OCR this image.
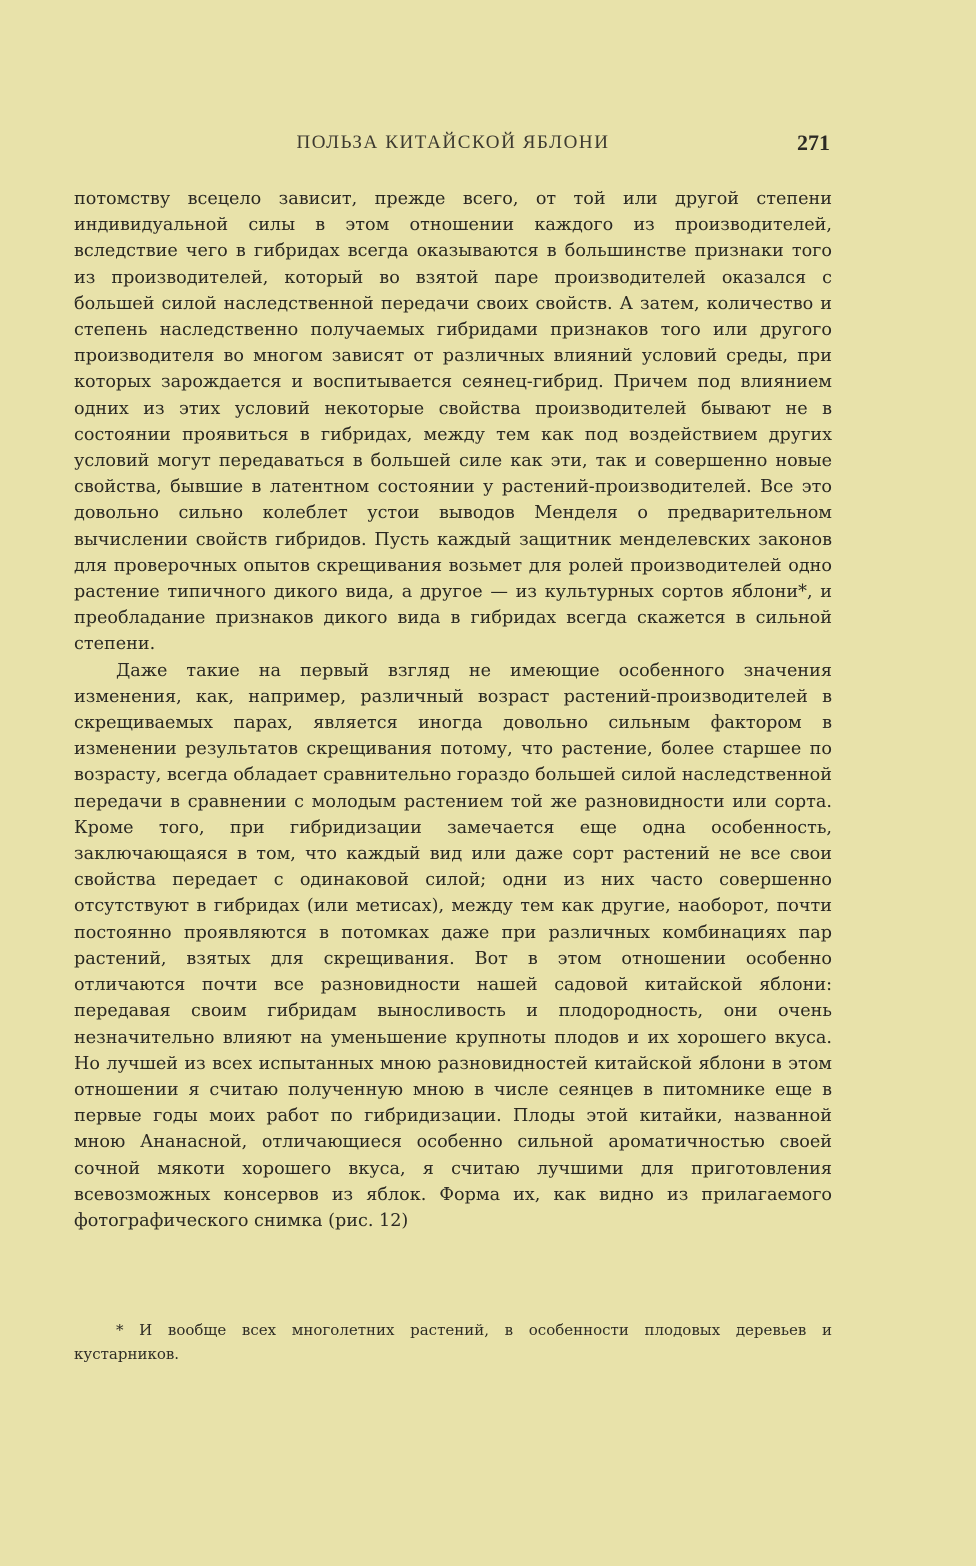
ПОЛЬЗА КИТАЙСКОЙ ЯБЛОНИ	271

потомству всецело зависит, прежде всего, от той или другой степени индивидуальной силы в этом отношении каждого из производителей, вследствие чего в гибридах всегда оказываются в большинстве признаки того из производителей, который во взятой паре производителей оказался с большей силой наследственной передачи своих свойств. А затем, количество и степень наследственно получаемых гибридами признаков того или другого производителя во многом зависят от различных влияний условий среды, при которых зарождается и воспитывается сеянец-гибрид. Причем под влиянием одних из этих условий некоторые свойства производителей бывают не в состоянии проявиться в гибридах, между тем как под воздействием других условий могут передаваться в большей силе как эти, так и совершенно новые свойства, бывшие в латентном состоянии у растений-производителей. Все это довольно сильно колеблет устои выводов Менделя о предварительном вычислении свойств гибридов. Пусть каждый защитник менделевских законов для проверочных опытов скрещивания возьмет для ролей производителей одно растение типичного дикого вида, а другое — из культурных сортов яблони*, и преобладание признаков дикого вида в гибридах всегда скажется в сильной степени.

Даже такие на первый взгляд не имеющие особенного значения изменения, как, например, различный возраст растений-производителей в скрещиваемых парах, является иногда довольно сильным фактором в изменении результатов скрещивания потому, что растение, более старшее по возрасту, всегда обладает сравнительно гораздо большей силой наследственной передачи в сравнении с молодым растением той же разновидности или сорта. Кроме того, при гибридизации замечается еще одна особенность, заключающаяся в том, что каждый вид или даже сорт растений не все свои свойства передает с одинаковой силой; одни из них часто совершенно отсутствуют в гибридах (или метисах), между тем как другие, наоборот, почти постоянно проявляются в потомках даже при различных комбинациях пар растений, взятых для скрещивания. Вот в этом отношении особенно отличаются почти все разновидности нашей садовой китайской яблони: передавая своим гибридам выносливость и плодородность, они очень незначительно влияют на уменьшение крупноты плодов и их хорошего вкуса. Но лучшей из всех испытанных мною разновидностей китайской яблони в этом отношении я считаю полученную мною в числе сеянцев в питомнике еще в первые годы моих работ по гибридизации. Плоды этой китайки, названной мною Ананасной, отличающиеся особенно сильной ароматичностью своей сочной мякоти хорошего вкуса, я считаю лучшими для приготовления всевозможных консервов из яблок. Форма их, как видно из прилагаемого фотографического снимка (рис. 12)

* И вообще всех многолетних растений, в особенности плодовых деревьев и кустарников.
